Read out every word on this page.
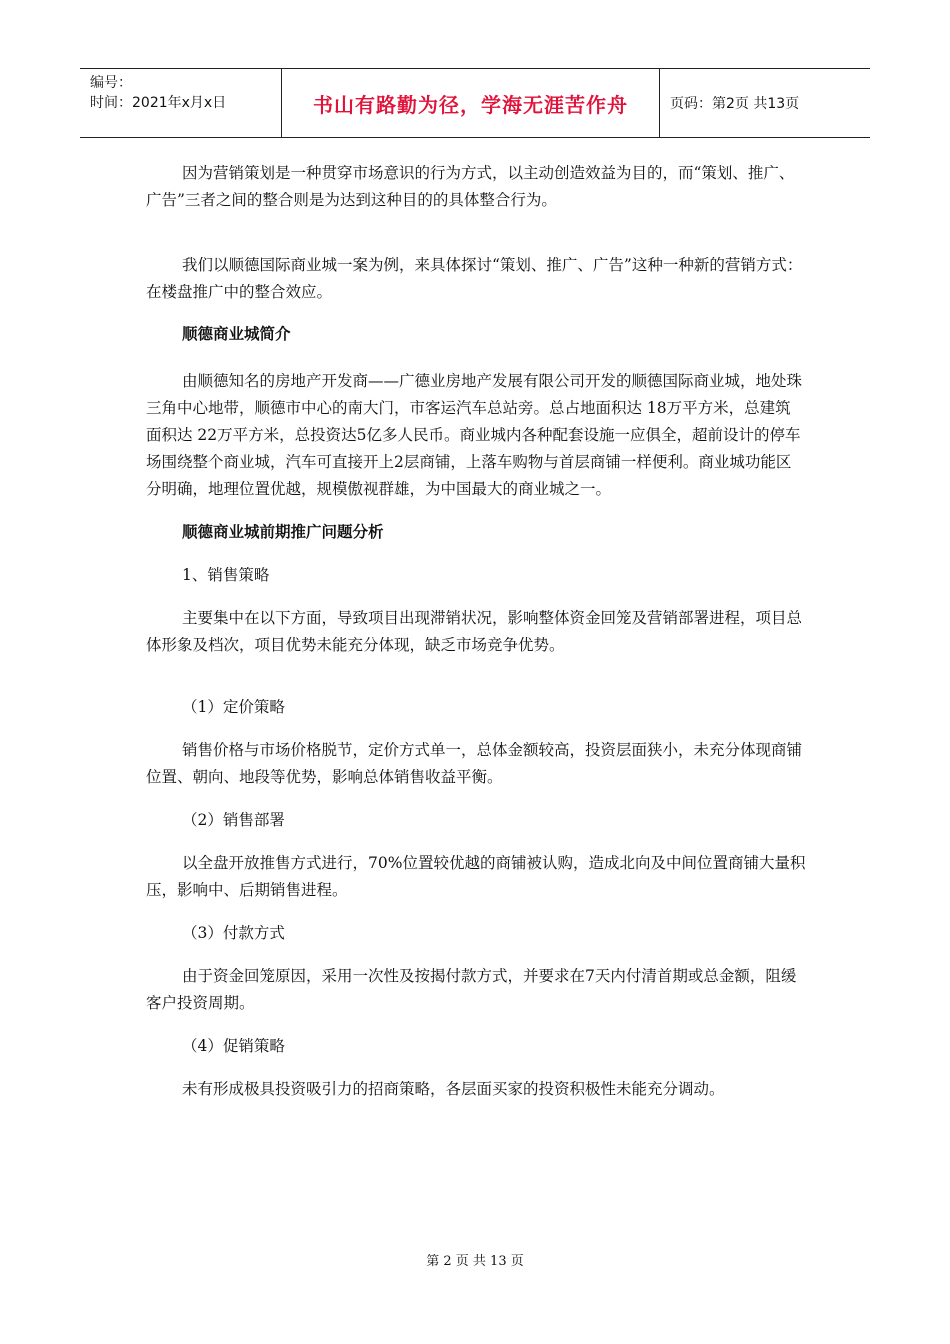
编号：
时间：2021年x月x日	书山有路勤为径，学海无涯苦作舟	页码：第2页 共13页

因为营销策划是一种贯穿市场意识的行为方式，以主动创造效益为目的，而“策划、推广、广告”三者之间的整合则是为达到这种目的的具体整合行为。

我们以顺德国际商业城一案为例，来具体探讨“策划、推广、广告”这种一种新的营销方式：在楼盘推广中的整合效应。

顺德商业城简介

由顺德知名的房地产开发商——广德业房地产发展有限公司开发的顺德国际商业城，地处珠三角中心地带，顺德市中心的南大门，市客运汽车总站旁。总占地面积达 18万平方米，总建筑面积达 22万平方米，总投资达5亿多人民币。商业城内各种配套设施一应俱全，超前设计的停车场围绕整个商业城，汽车可直接开上2层商铺，上落车购物与首层商铺一样便利。商业城功能区分明确，地理位置优越，规模傲视群雄，为中国最大的商业城之一。

顺德商业城前期推广问题分析

1、销售策略

主要集中在以下方面，导致项目出现滞销状况，影响整体资金回笼及营销部署进程，项目总体形象及档次，项目优势未能充分体现，缺乏市场竞争优势。

（1）定价策略

销售价格与市场价格脱节，定价方式单一，总体金额较高，投资层面狭小，未充分体现商铺位置、朝向、地段等优势，影响总体销售收益平衡。

（2）销售部署

以全盘开放推售方式进行，70%位置较优越的商铺被认购，造成北向及中间位置商铺大量积压，影响中、后期销售进程。

（3）付款方式

由于资金回笼原因，采用一次性及按揭付款方式，并要求在7天内付清首期或总金额，阻缓客户投资周期。

（4）促销策略

未有形成极具投资吸引力的招商策略，各层面买家的投资积极性未能充分调动。

第 2 页 共 13 页
